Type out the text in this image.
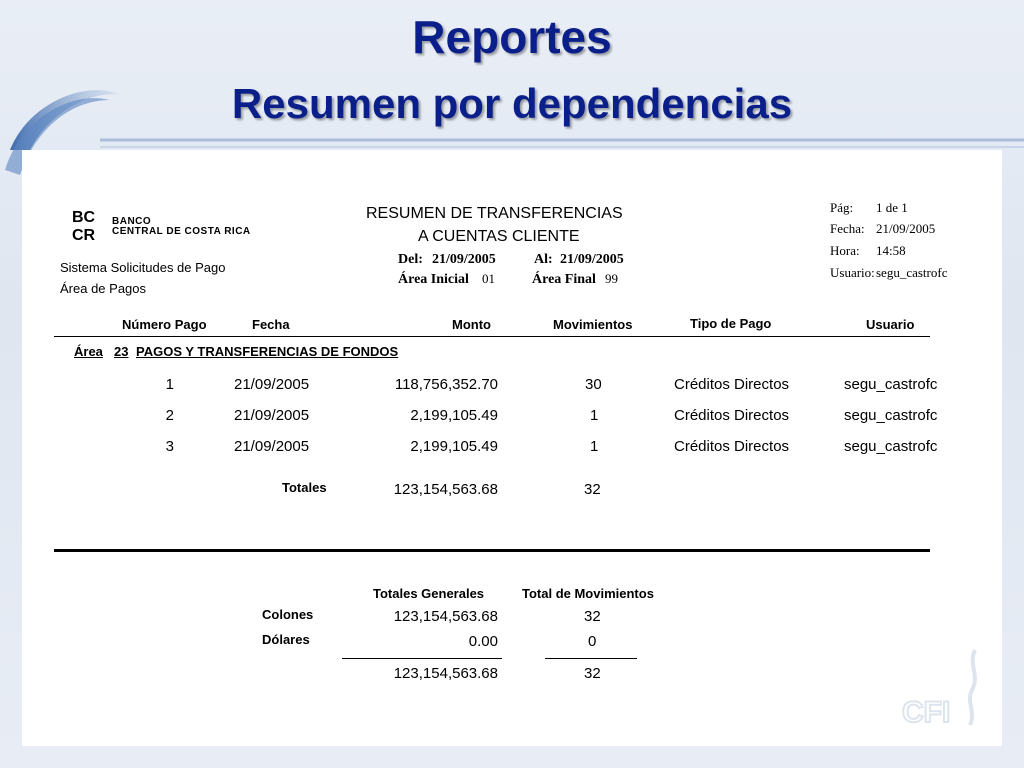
Reportes
Resumen por dependencias
BC
CR
BANCO
CENTRAL DE COSTA RICA
Sistema Solicitudes de Pago
Área de Pagos
RESUMEN DE TRANSFERENCIAS
A CUENTAS CLIENTE
Del: 21/09/2005	Al: 21/09/2005
Área Inicial 01	Área Final 99
Pág: 1 de 1
Fecha: 21/09/2005
Hora: 14:58
Usuario: segu_castrofc
Número Pago	Fecha	Monto	Movimientos	Tipo de Pago	Usuario
Área 23 PAGOS Y TRANSFERENCIAS DE FONDOS
1	21/09/2005	118,756,352.70	30	Créditos Directos	segu_castrofc
2	21/09/2005	2,199,105.49	1	Créditos Directos	segu_castrofc
3	21/09/2005	2,199,105.49	1	Créditos Directos	segu_castrofc
Totales	123,154,563.68	32
Totales Generales	Total de Movimientos
Colones	123,154,563.68	32
Dólares	0.00	0
123,154,563.68	32
CFI
